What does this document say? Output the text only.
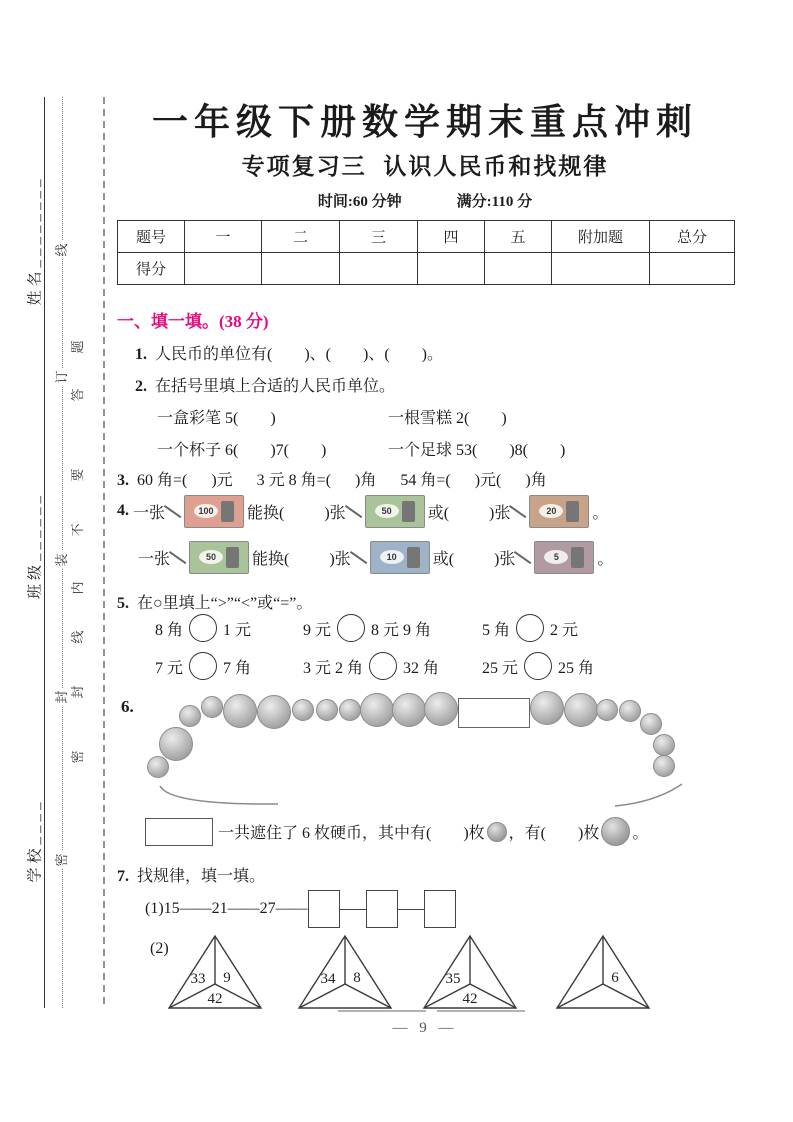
姓名________
班级______
学校____
线
订
装
封
密
题
答
要
不
内
线
封
密
一年级下册数学期末重点冲刺
专项复习三  认识人民币和找规律
时间:60 分钟	满分:110 分
题号	一	二	三	四	五	附加题	总分
得分							
一、填一填。(38 分)
1. 人民币的单位有(        )、(        )、(        )。
2. 在括号里填上合适的人民币单位。
一盒彩笔 5(        )	一根雪糕 2(        )
一个杯子 6(        )7(        )	一个足球 53(        )8(        )
3. 60 角=(      )元      3 元 8 角=(      )角      54 角=(      )元(      )角
4. 一张	100 能换(          )张	50	或(          )张	20	。
一张	50	能换(          )张	10	或(          )张	5	。
5. 在○里填上“>”“<”或“=”。
8 角	1 元	9 元	8 元 9 角	5 角	2 元
7 元	7 角	3 元 2 角	32 角	25 元	25 角
6.
一共遮住了 6 枚硬币，其中有(        )枚 ，有(        )枚 。
7. 找规律，填一填。
(1) 15——21——27——
(2)
33 9
42
34 8	35
42
6
— 9 —
